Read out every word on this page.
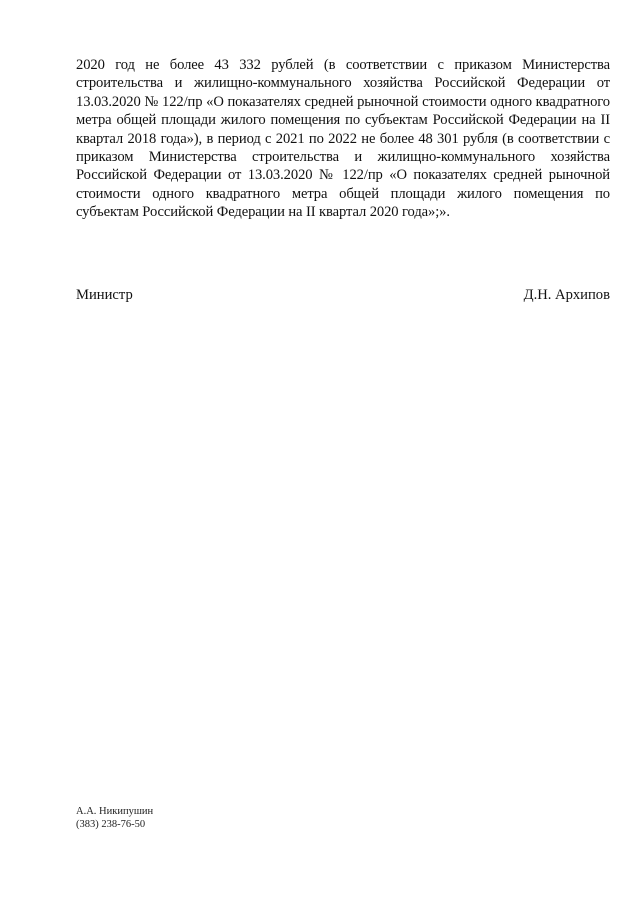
2020 год не более 43 332 рублей (в соответствии с приказом Министерства строительства и жилищно-коммунального хозяйства Российской Федерации от 13.03.2020 № 122/пр «О показателях средней рыночной стоимости одного квадратного метра общей площади жилого помещения по субъектам Российской Федерации на II квартал 2018 года»), в период с 2021 по 2022 не более 48 301 рубля (в соответствии с приказом Министерства строительства и жилищно-коммунального хозяйства Российской Федерации от 13.03.2020 № 122/пр «О показателях средней рыночной стоимости одного квадратного метра общей площади жилого помещения по субъектам Российской Федерации на II квартал 2020 года»;».

Министр	Д.Н. Архипов
А.А. Никипушин
(383) 238-76-50
